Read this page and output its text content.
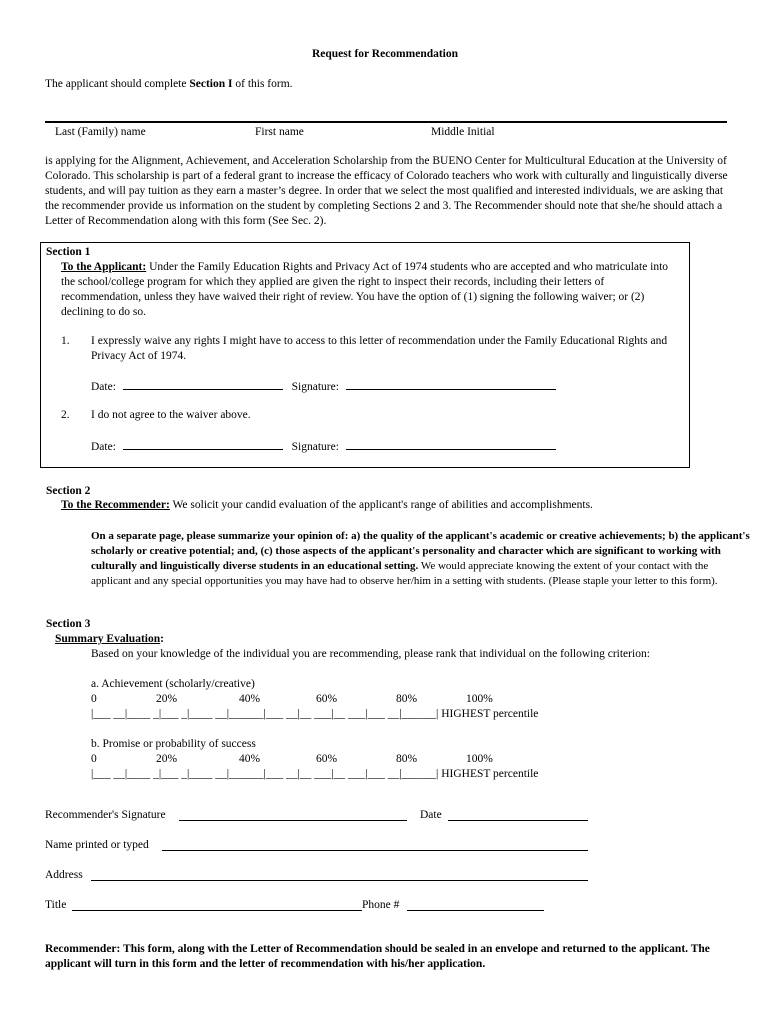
Request for Recommendation
The applicant should complete Section I of this form.
Last (Family) name	First name	Middle Initial
is applying for the Alignment, Achievement, and Acceleration Scholarship from the BUENO Center for Multicultural Education at the University of Colorado. This scholarship is part of a federal grant to increase the efficacy of Colorado teachers who work with culturally and linguistically diverse students, and will pay tuition as they earn a master’s degree. In order that we select the most qualified and interested individuals, we are asking that the recommender provide us information on the student by completing Sections 2 and 3. The Recommender should note that she/he should attach a Letter of Recommendation along with this form (See Sec. 2).
Section 1
To the Applicant: Under the Family Education Rights and Privacy Act of 1974 students who are accepted and who matriculate into the school/college program for which they applied are given the right to inspect their records, including their letters of recommendation, unless they have waived their right of review. You have the option of (1) signing the following waiver; or (2) declining to do so.
1. I expressly waive any rights I might have to access to this letter of recommendation under the Family Educational Rights and Privacy Act of 1974.
Date:	Signature:
2. I do not agree to the waiver above.
Date:	Signature:
Section 2
To the Recommender: We solicit your candid evaluation of the applicant's range of abilities and accomplishments.
On a separate page, please summarize your opinion of: a) the quality of the applicant's academic or creative achievements; b) the applicant's scholarly or creative potential; and, (c) those aspects of the applicant's personality and character which are significant to working with culturally and linguistically diverse students in an educational setting. We would appreciate knowing the extent of your contact with the applicant and any special opportunities you may have had to observe her/him in a setting with students. (Please staple your letter to this form).
Section 3
Summary Evaluation:
Based on your knowledge of the individual you are recommending, please rank that individual on the following criterion:
a. Achievement (scholarly/creative)
0	20%	40%	60%	80%	100%
|___ __|____ _|___ _|____ __|______|___ __|__ ___|__ ___|___ __|______| HIGHEST percentile
b. Promise or probability of success
0	20%	40%	60%	80%	100%
|___ __|____ _|___ _|____ __|______|___ __|__ ___|__ ___|___ __|______| HIGHEST percentile
Recommender's Signature	Date
Name printed or typed
Address
Title	Phone #
Recommender: This form, along with the Letter of Recommendation should be sealed in an envelope and returned to the applicant. The applicant will turn in this form and the letter of recommendation with his/her application.
